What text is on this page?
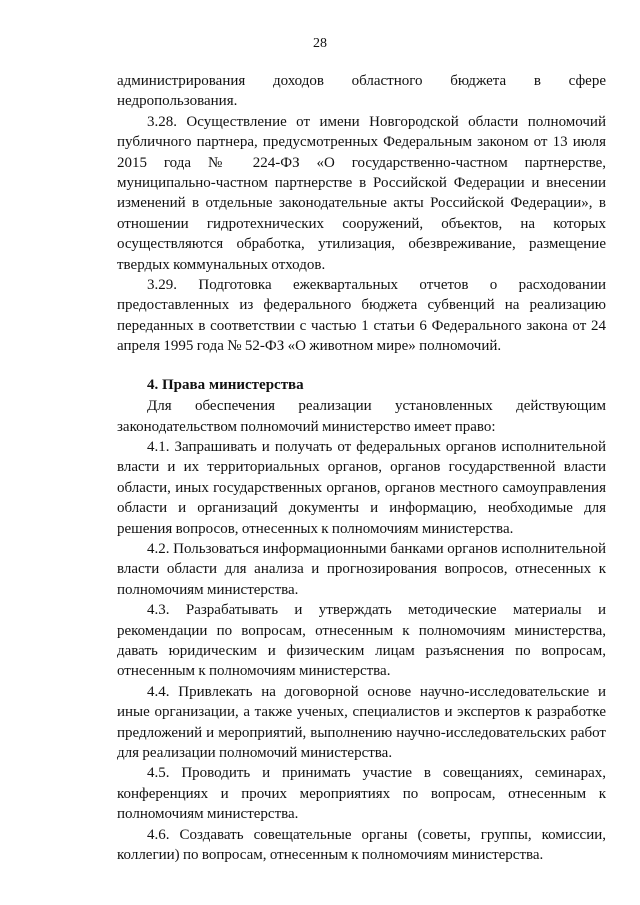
28

администрирования доходов областного бюджета в сфере недропользования.

3.28. Осуществление от имени Новгородской области полномочий публичного партнера, предусмотренных Федеральным законом от 13 июля 2015 года № 224-ФЗ «О государственно-частном партнерстве, муниципально-частном партнерстве в Российской Федерации и внесении изменений в отдельные законодательные акты Российской Федерации», в отношении гидротехнических сооружений, объектов, на которых осуществляются обработка, утилизация, обезвреживание, размещение твердых коммунальных отходов.

3.29. Подготовка ежеквартальных отчетов о расходовании предоставленных из федерального бюджета субвенций на реализацию переданных в соответствии с частью 1 статьи 6 Федерального закона от 24 апреля 1995 года № 52-ФЗ «О животном мире» полномочий.

4. Права министерства

Для обеспечения реализации установленных действующим законодательством полномочий министерство имеет право:

4.1. Запрашивать и получать от федеральных органов исполнительной власти и их территориальных органов, органов государственной власти области, иных государственных органов, органов местного самоуправления области и организаций документы и информацию, необходимые для решения вопросов, отнесенных к полномочиям министерства.

4.2. Пользоваться информационными банками органов исполнительной власти области для анализа и прогнозирования вопросов, отнесенных к полномочиям министерства.

4.3. Разрабатывать и утверждать методические материалы и рекомендации по вопросам, отнесенным к полномочиям министерства, давать юридическим и физическим лицам разъяснения по вопросам, отнесенным к полномочиям министерства.

4.4. Привлекать на договорной основе научно-исследовательские и иные организации, а также ученых, специалистов и экспертов к разработке предложений и мероприятий, выполнению научно-исследовательских работ для реализации полномочий министерства.

4.5. Проводить и принимать участие в совещаниях, семинарах, конференциях и прочих мероприятиях по вопросам, отнесенным к полномочиям министерства.

4.6. Создавать совещательные органы (советы, группы, комиссии, коллегии) по вопросам, отнесенным к полномочиям министерства.
